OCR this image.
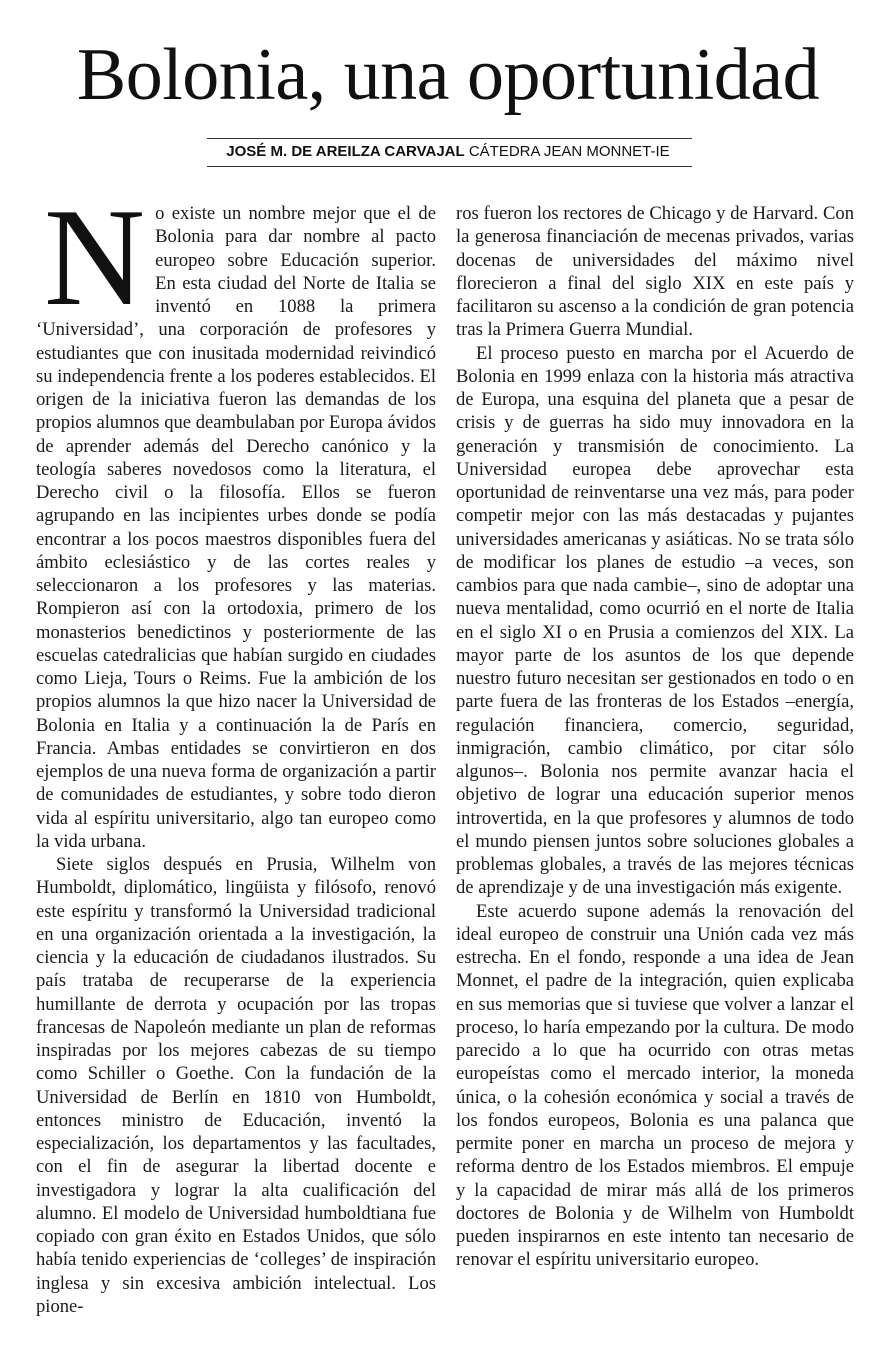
Bolonia, una oportunidad
JOSÉ M. DE AREILZA CARVAJAL CÁTEDRA JEAN MONNET-IE
N o existe un nombre mejor que el de Bolonia para dar nombre al pacto europeo sobre Educación superior. En esta ciudad del Norte de Italia se inventó en 1088 la primera ‘Universidad’, una corporación de profesores y estudiantes que con inusitada modernidad reivindicó su independencia frente a los poderes establecidos. El origen de la iniciativa fueron las demandas de los propios alumnos que deambulaban por Europa ávidos de aprender además del Derecho canónico y la teología saberes novedosos como la literatura, el Derecho civil o la filosofía. Ellos se fueron agrupando en las incipientes urbes donde se podía encontrar a los pocos maestros disponibles fuera del ámbito eclesiástico y de las cortes reales y seleccionaron a los profesores y las materias. Rompieron así con la ortodoxia, primero de los monasterios benedictinos y posteriormente de las escuelas catedralicias que habían surgido en ciudades como Lieja, Tours o Reims. Fue la ambición de los propios alumnos la que hizo nacer la Universidad de Bolonia en Italia y a continuación la de París en Francia. Ambas entidades se convirtieron en dos ejemplos de una nueva forma de organización a partir de comunidades de estudiantes, y sobre todo dieron vida al espíritu universitario, algo tan europeo como la vida urbana.

Siete siglos después en Prusia, Wilhelm von Humboldt, diplomático, lingüista y filósofo, renovó este espíritu y transformó la Universidad tradicional en una organización orientada a la investigación, la ciencia y la educación de ciudadanos ilustrados. Su país trataba de recuperarse de la experiencia humillante de derrota y ocupación por las tropas francesas de Napoleón mediante un plan de reformas inspiradas por los mejores cabezas de su tiempo como Schiller o Goethe. Con la fundación de la Universidad de Berlín en 1810 von Humboldt, entonces ministro de Educación, inventó la especialización, los departamentos y las facultades, con el fin de asegurar la libertad docente e investigadora y lograr la alta cualificación del alumno. El modelo de Universidad humboldtiana fue copiado con gran éxito en Estados Unidos, que sólo había tenido experiencias de ‘colleges’ de inspiración inglesa y sin excesiva ambición intelectual. Los pione-

ros fueron los rectores de Chicago y de Harvard. Con la generosa financiación de mecenas privados, varias docenas de universidades del máximo nivel florecieron a final del siglo XIX en este país y facilitaron su ascenso a la condición de gran potencia tras la Primera Guerra Mundial.

El proceso puesto en marcha por el Acuerdo de Bolonia en 1999 enlaza con la historia más atractiva de Europa, una esquina del planeta que a pesar de crisis y de guerras ha sido muy innovadora en la generación y transmisión de conocimiento. La Universidad europea debe aprovechar esta oportunidad de reinventarse una vez más, para poder competir mejor con las más destacadas y pujantes universidades americanas y asiáticas. No se trata sólo de modificar los planes de estudio –a veces, son cambios para que nada cambie–, sino de adoptar una nueva mentalidad, como ocurrió en el norte de Italia en el siglo XI o en Prusia a comienzos del XIX. La mayor parte de los asuntos de los que depende nuestro futuro necesitan ser gestionados en todo o en parte fuera de las fronteras de los Estados –energía, regulación financiera, comercio, seguridad, inmigración, cambio climático, por citar sólo algunos–. Bolonia nos permite avanzar hacia el objetivo de lograr una educación superior menos introvertida, en la que profesores y alumnos de todo el mundo piensen juntos sobre soluciones globales a problemas globales, a través de las mejores técnicas de aprendizaje y de una investigación más exigente.

Este acuerdo supone además la renovación del ideal europeo de construir una Unión cada vez más estrecha. En el fondo, responde a una idea de Jean Monnet, el padre de la integración, quien explicaba en sus memorias que si tuviese que volver a lanzar el proceso, lo haría empezando por la cultura. De modo parecido a lo que ha ocurrido con otras metas europeístas como el mercado interior, la moneda única, o la cohesión económica y social a través de los fondos europeos, Bolonia es una palanca que permite poner en marcha un proceso de mejora y reforma dentro de los Estados miembros. El empuje y la capacidad de mirar más allá de los primeros doctores de Bolonia y de Wilhelm von Humboldt pueden inspirarnos en este intento tan necesario de renovar el espíritu universitario europeo.
